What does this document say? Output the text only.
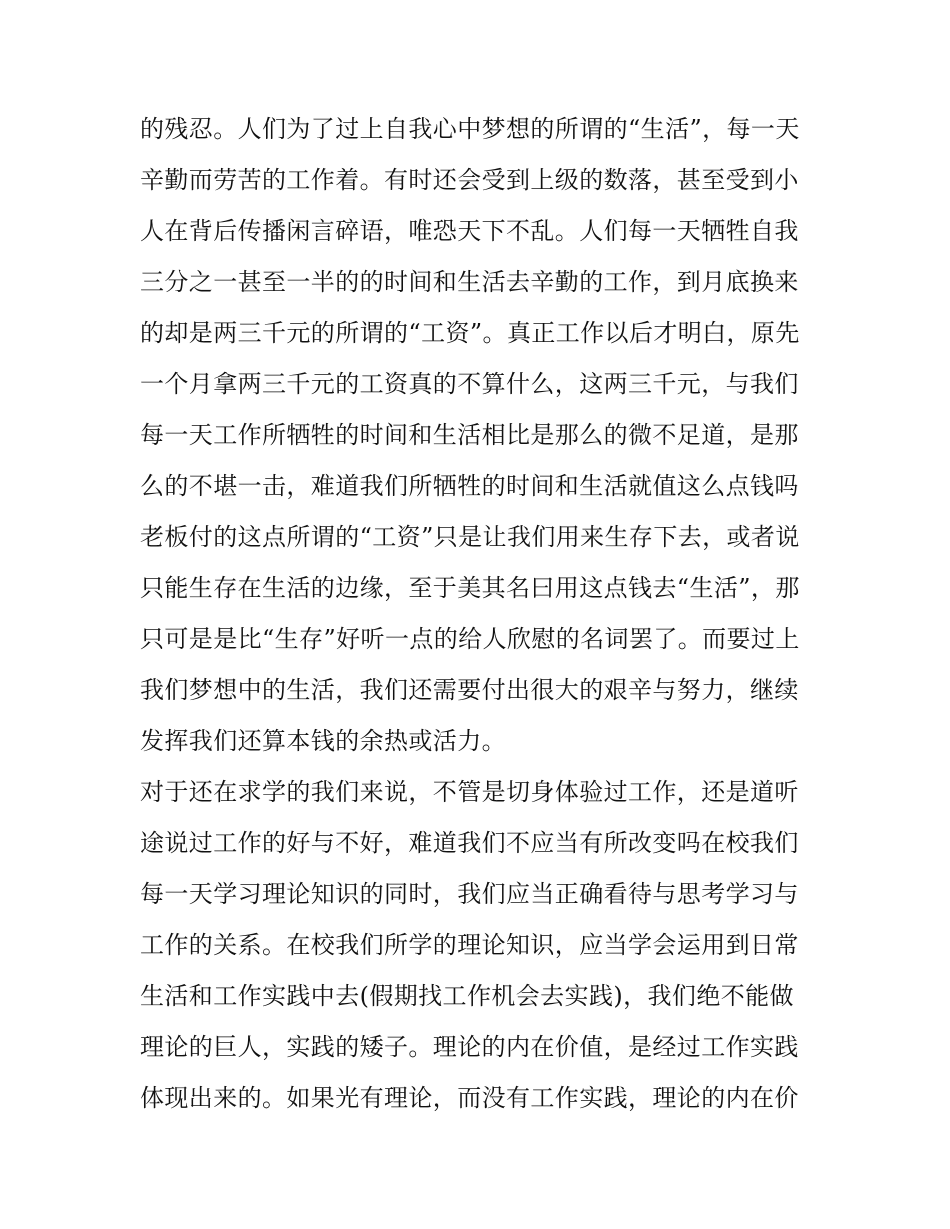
的残忍。人们为了过上自我心中梦想的所谓的“生活”，每一天
辛勤而劳苦的工作着。有时还会受到上级的数落，甚至受到小
人在背后传播闲言碎语，唯恐天下不乱。人们每一天牺牲自我
三分之一甚至一半的的时间和生活去辛勤的工作，到月底换来
的却是两三千元的所谓的“工资”。真正工作以后才明白，原先
一个月拿两三千元的工资真的不算什么，这两三千元，与我们
每一天工作所牺牲的时间和生活相比是那么的微不足道，是那
么的不堪一击，难道我们所牺牲的时间和生活就值这么点钱吗
老板付的这点所谓的“工资”只是让我们用来生存下去，或者说
只能生存在生活的边缘，至于美其名曰用这点钱去“生活”，那
只可是是比“生存”好听一点的给人欣慰的名词罢了。而要过上
我们梦想中的生活，我们还需要付出很大的艰辛与努力，继续
发挥我们还算本钱的余热或活力。
对于还在求学的我们来说，不管是切身体验过工作，还是道听
途说过工作的好与不好，难道我们不应当有所改变吗在校我们
每一天学习理论知识的同时，我们应当正确看待与思考学习与
工作的关系。在校我们所学的理论知识，应当学会运用到日常
生活和工作实践中去(假期找工作机会去实践)，我们绝不能做
理论的巨人，实践的矮子。理论的内在价值，是经过工作实践
体现出来的。如果光有理论，而没有工作实践，理论的内在价
